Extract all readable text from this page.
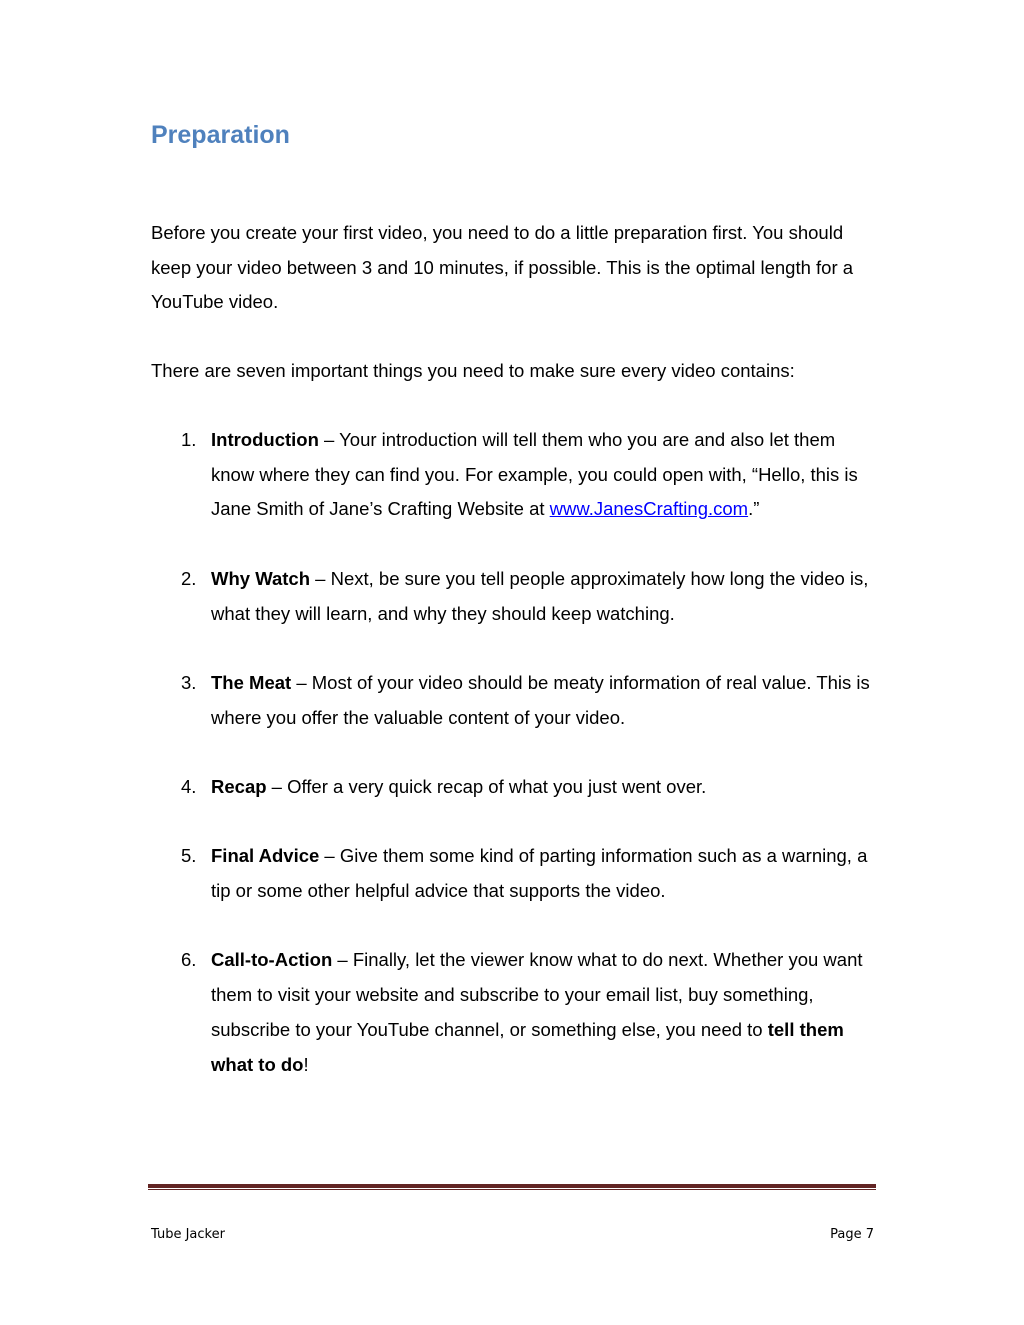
Preparation

Before you create your first video, you need to do a little preparation first. You should keep your video between 3 and 10 minutes, if possible. This is the optimal length for a YouTube video.

There are seven important things you need to make sure every video contains:

1. Introduction – Your introduction will tell them who you are and also let them know where they can find you. For example, you could open with, “Hello, this is Jane Smith of Jane’s Crafting Website at www.JanesCrafting.com.”
2. Why Watch – Next, be sure you tell people approximately how long the video is, what they will learn, and why they should keep watching.
3. The Meat – Most of your video should be meaty information of real value. This is where you offer the valuable content of your video.
4. Recap – Offer a very quick recap of what you just went over.
5. Final Advice – Give them some kind of parting information such as a warning, a tip or some other helpful advice that supports the video.
6. Call-to-Action – Finally, let the viewer know what to do next. Whether you want them to visit your website and subscribe to your email list, buy something, subscribe to your YouTube channel, or something else, you need to tell them what to do!
Tube Jacker	Page 7
